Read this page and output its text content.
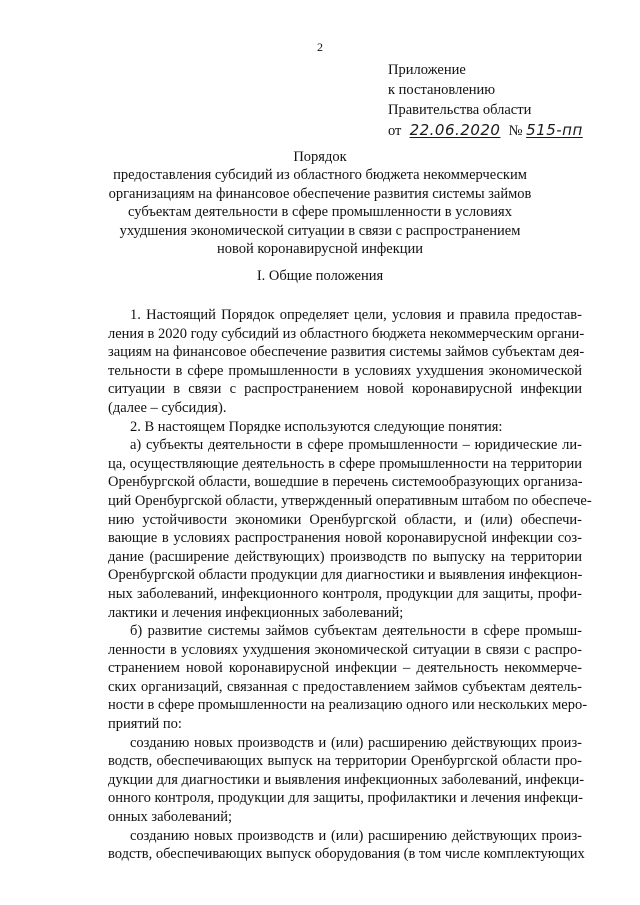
2
Приложение
к постановлению
Правительства области
от 22.06.2020 № 515-пп
Порядок
предоставления субсидий из областного бюджета некоммерческим
организациям на финансовое обеспечение развития системы займов
субъектам деятельности в сфере промышленности в условиях
ухудшения экономической ситуации в связи с распространением
новой коронавирусной инфекции
I. Общие положения
1. Настоящий Порядок определяет цели, условия и правила предостав-
ления в 2020 году субсидий из областного бюджета некоммерческим органи-
зациям на финансовое обеспечение развития системы займов субъектам дея-
тельности в сфере промышленности в условиях ухудшения экономической
ситуации в связи с распространением новой коронавирусной инфекции
(далее – субсидия).
2. В настоящем Порядке используются следующие понятия:
а) субъекты деятельности в сфере промышленности – юридические ли-
ца, осуществляющие деятельность в сфере промышленности на территории
Оренбургской области, вошедшие в перечень системообразующих организа-
ций Оренбургской области, утвержденный оперативным штабом по обеспече-
нию устойчивости экономики Оренбургской области, и (или) обеспечи-
вающие в условиях распространения новой коронавирусной инфекции соз-
дание (расширение действующих) производств по выпуску на территории
Оренбургской области продукции для диагностики и выявления инфекцион-
ных заболеваний, инфекционного контроля, продукции для защиты, профи-
лактики и лечения инфекционных заболеваний;
б) развитие системы займов субъектам деятельности в сфере промыш-
ленности в условиях ухудшения экономической ситуации в связи с распро-
странением новой коронавирусной инфекции – деятельность некоммерче-
ских организаций, связанная с предоставлением займов субъектам деятель-
ности в сфере промышленности на реализацию одного или нескольких меро-
приятий по:
созданию новых производств и (или) расширению действующих произ-
водств, обеспечивающих выпуск на территории Оренбургской области про-
дукции для диагностики и выявления инфекционных заболеваний, инфекци-
онного контроля, продукции для защиты, профилактики и лечения инфекци-
онных заболеваний;
созданию новых производств и (или) расширению действующих произ-
водств, обеспечивающих выпуск оборудования (в том числе комплектующих
